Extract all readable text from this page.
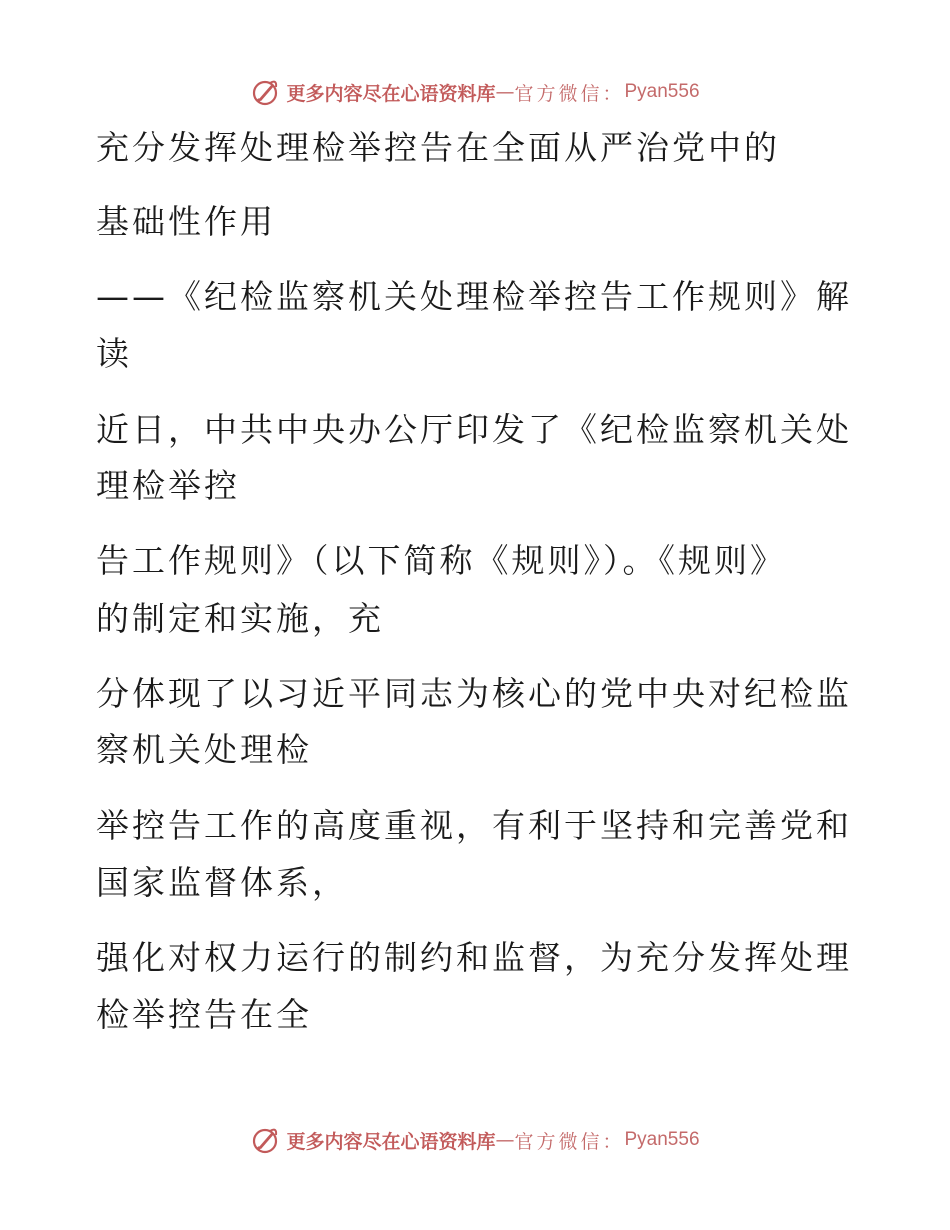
更多内容尽在心语资料库 — 官方微信： Pyan556
充分发挥处理检举控告在全面从严治党中的
基础性作用
——《纪检监察机关处理检举控告工作规则》解
读
近日，中共中央办公厅印发了《纪检监察机关处
理检举控
告工作规则》（以下简称《规则》）。《规则》
的制定和实施，充
分体现了以习近平同志为核心的党中央对纪检监
察机关处理检
举控告工作的高度重视，有利于坚持和完善党和
国家监督体系，
强化对权力运行的制约和监督，为充分发挥处理
检举控告在全
更多内容尽在心语资料库 — 官方微信： Pyan556
